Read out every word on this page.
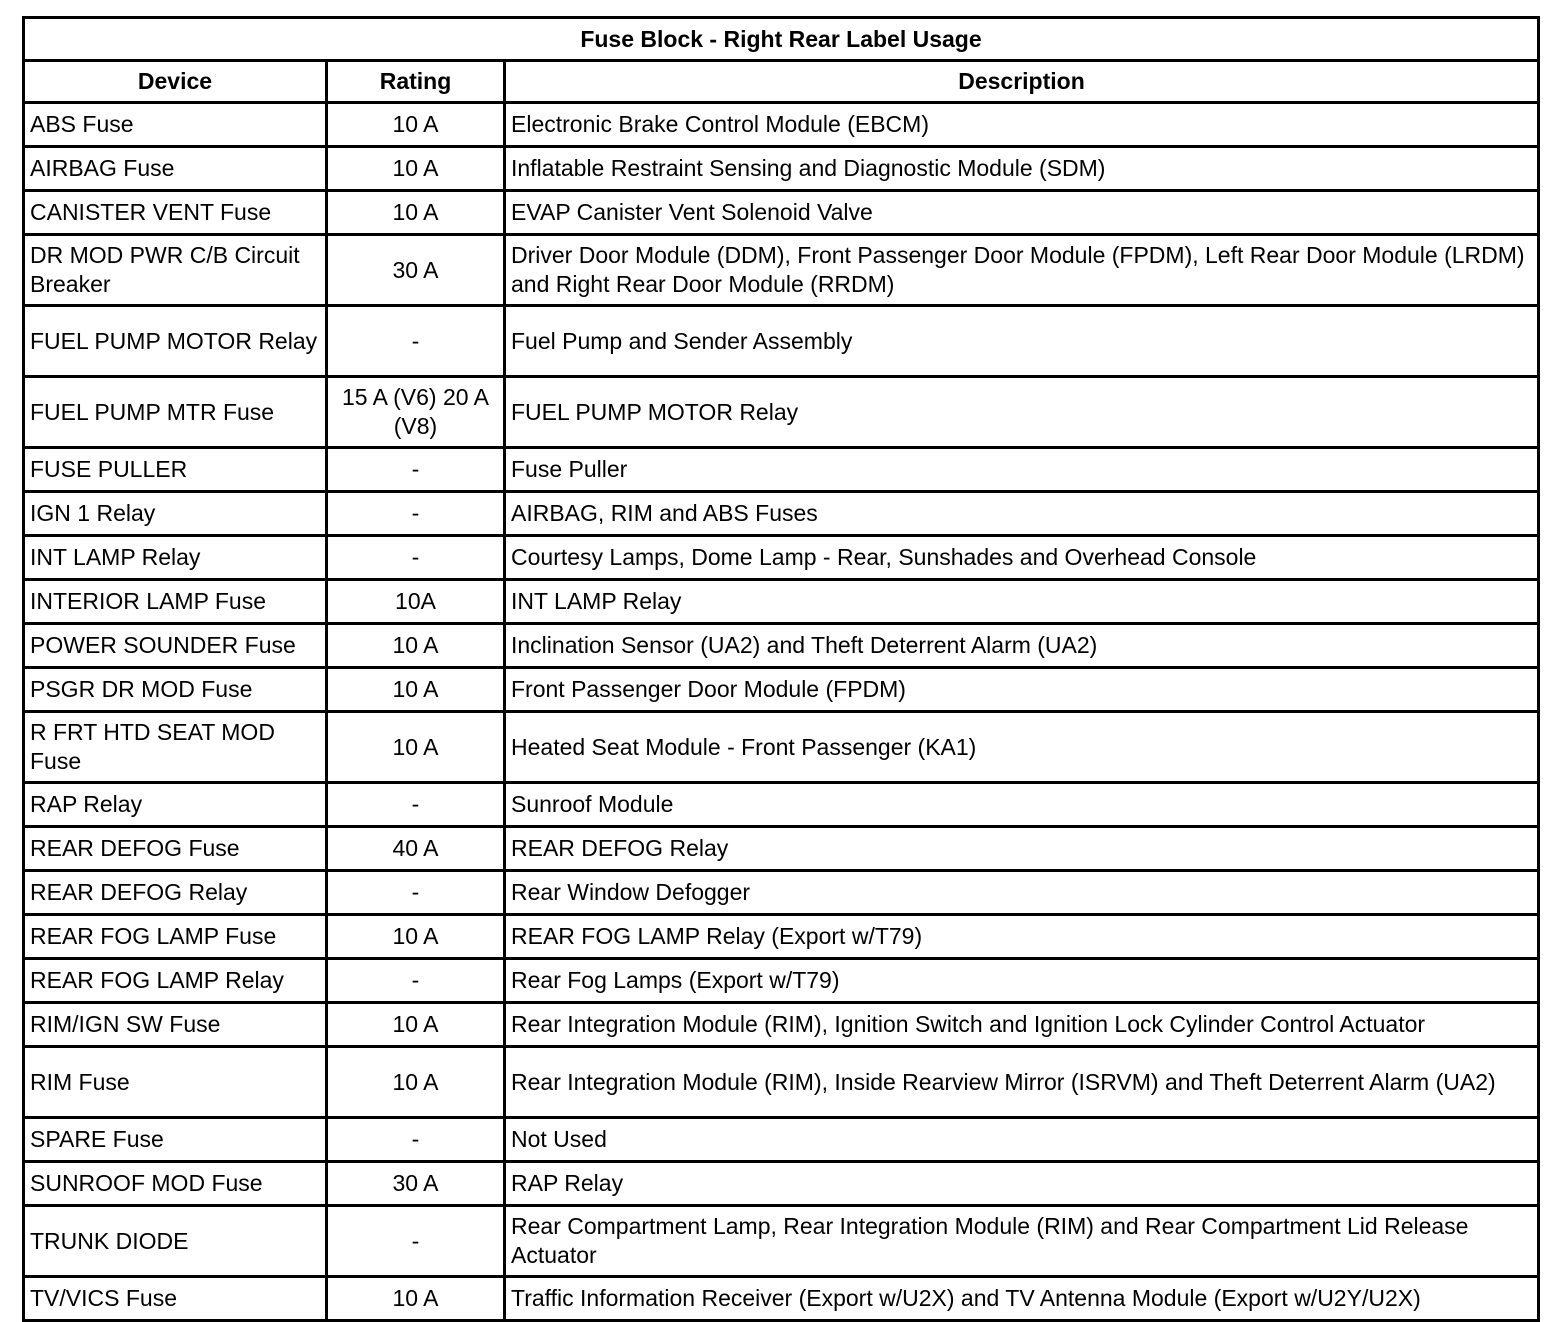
Fuse Block - Right Rear Label Usage		
Device	Rating	Description
ABS Fuse	10 A	Electronic Brake Control Module (EBCM)
AIRBAG Fuse	10 A	Inflatable Restraint Sensing and Diagnostic Module (SDM)
CANISTER VENT Fuse	10 A	EVAP Canister Vent Solenoid Valve
DR MOD PWR C/B Circuit Breaker	30 A	Driver Door Module (DDM), Front Passenger Door Module (FPDM), Left Rear Door Module (LRDM) and Right Rear Door Module (RRDM)
FUEL PUMP MOTOR Relay	-	Fuel Pump and Sender Assembly
FUEL PUMP MTR Fuse	15 A (V6) 20 A (V8)	FUEL PUMP MOTOR Relay
FUSE PULLER	-	Fuse Puller
IGN 1 Relay	-	AIRBAG, RIM and ABS Fuses
INT LAMP Relay	-	Courtesy Lamps, Dome Lamp - Rear, Sunshades and Overhead Console
INTERIOR LAMP Fuse	10A	INT LAMP Relay
POWER SOUNDER Fuse	10 A	Inclination Sensor (UA2) and Theft Deterrent Alarm (UA2)
PSGR DR MOD Fuse	10 A	Front Passenger Door Module (FPDM)
R FRT HTD SEAT MOD Fuse	10 A	Heated Seat Module - Front Passenger (KA1)
RAP Relay	-	Sunroof Module
REAR DEFOG Fuse	40 A	REAR DEFOG Relay
REAR DEFOG Relay	-	Rear Window Defogger
REAR FOG LAMP Fuse	10 A	REAR FOG LAMP Relay (Export w/T79)
REAR FOG LAMP Relay	-	Rear Fog Lamps (Export w/T79)
RIM/IGN SW Fuse	10 A	Rear Integration Module (RIM), Ignition Switch and Ignition Lock Cylinder Control Actuator
RIM Fuse	10 A	Rear Integration Module (RIM), Inside Rearview Mirror (ISRVM) and Theft Deterrent Alarm (UA2)
SPARE Fuse	-	Not Used
SUNROOF MOD Fuse	30 A	RAP Relay
TRUNK DIODE	-	Rear Compartment Lamp, Rear Integration Module (RIM) and Rear Compartment Lid Release Actuator
TV/VICS Fuse	10 A	Traffic Information Receiver (Export w/U2X) and TV Antenna Module (Export w/U2Y/U2X)
